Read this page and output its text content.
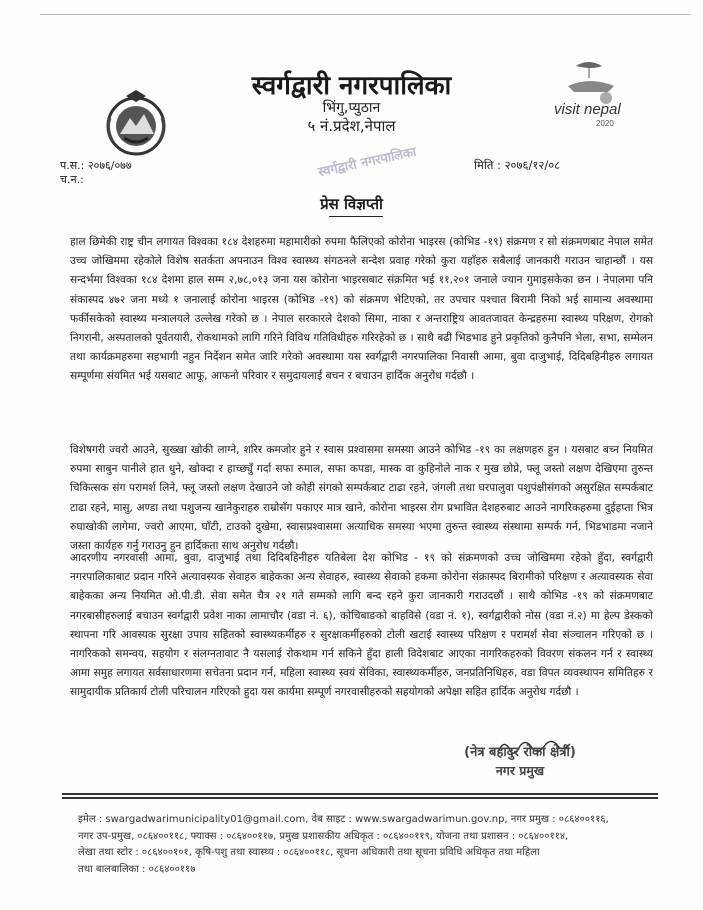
visit nepal
2020
स्वर्गद्वारी नगरपालिका
भिंगु,प्युठान
५ नं.प्रदेश,नेपाल
स्वर्गद्वारी नगरपालिका
प.स.: २०७६/०७७
च.न.:
मिति : २०७६/१२/०८
प्रेस विज्ञप्ती
हाल छिमेकी राष्ट्र चीन लगायत विश्वका १८४ देशहरुमा महामारीको रुपमा फैलिएको कोरोना भाइरस (कोभिड -१९) संक्रमण र सो संक्रमणबाट नेपाल समेत उच्च जोखिममा रहेकोले विशेष सतर्कता अपनाउन विश्व स्वास्थ्य संगठनले सन्देश प्रवाह गरेको कुरा यहाँहरु सबैलाई जानकारी गराउन चाहान्छौं । यस सन्दर्भमा विश्वका १८४ देशमा हाल सम्म २,७८,०१३ जना यस कोरोना भाइरसबाट संक्रमित भई ११,२०१ जनाले ज्यान गुमाइसकेका छन । नेपालमा पनि संकास्पद ४७२ जना मध्ये १ जनालाई कोरोना भाइरस (कोभिड -१९) को संक्रमण भेटिएको, तर उपचार पश्चात बिरामी निको भई सामान्य अवस्थामा फर्कीसकेको स्वास्थ्य मन्त्रालयले उल्लेख गरेको छ । नेपाल सरकारले देशको सिमा, नाका र अन्तराष्ट्रिय आवतजावत केन्द्रहरुमा स्वास्थ्य परिक्षण, रोगको निगरानी, अस्पतालको पूर्वतयारी, रोकथामको लागि गरिने विविध गतिविधीहरु गरिरहेको छ । साथै बढी भिडभाड हुने प्रकृतिको कुनैपनि भेला, सभा, सम्मेलन तथा कार्यक्रमहरुमा सहभागी नहुन निर्देशन समेत जारि गरेको अवस्थामा यस स्वर्गद्वारी नगरपालिका निवासी आमा, बुवा दाजुभाई, दिदिबहिनीहरु लगायत सम्पूर्णमा संयमित भई यसबाट आफू, आफनो परिवार र समुदायलाई बचन र बचाउन हार्दिक अनुरोध गर्दछौ ।
विशेषगरी ज्वरो आउने, सुख्खा खोकी लाग्ने, शरिर कमजोर हुने र स्वास प्रश्वासमा समस्या आउने कोभिड -१९ का लक्षणहरु हुन । यसबाट बच्न नियमित रुपमा साबुन पानीले हात धुने, खोक्दा र हाच्छ्युँ गर्दा सफा रुमाल, सफा कपडा, मास्क वा कुहिनोले नाक र मुख छोप्ने, फ्लू जस्तो लक्षण देखिएमा तुरुन्त चिकित्सक संग परामर्श लिने, फ्लू जस्तो लक्षण देखाउने जो कोही संगको सम्पर्कबाट टाढा रहने, जंगली तथा घरपालुवा पशुपंक्षीसंगको असुरक्षित सम्पर्कबाट टाढा रहने, मासु, अण्डा तथा पशुजन्य खानेकुराहरु राम्रोसँग पकाएर मात्र खाने, कोरोना भाइरस रोग प्रभावित देशहरुबाट आउने नागरिकहरुमा दुईहप्ता भित्र रुघाखोकी लागेमा, ज्वरो आएमा, घाँटी, टाउको दुखेमा, स्वासप्रश्वासमा अत्याधिक समस्या भएमा तुरुन्त स्वास्थ्य संस्थामा सम्पर्क गर्न, भिडभाडमा नजाने जस्ता कार्यहरु गर्नु गराउनु हुन हार्दिकता साथ अनुरोध गर्दछौ।
आदरणीय नगरवासी आमा, बुवा, दाजुभाई तथा दिदिबहिनीहरु यतिबेला देश कोभिड - १९ को संक्रमणको उच्च जोखिममा रहेको हुँदा, स्वर्गद्वारी नगरपालिकाबाट प्रदान गरिने अत्यावस्यक सेवाहरु बाहेकका अन्य सेवाहरु, स्वास्थ्य सेवाको हकमा कोरोना संक्रास्पद बिरामीको परिक्षण र अत्यावस्यक सेवा बाहेकका अन्य नियमित ओ.पी.डी. सेवा समेत चैत्र २१ गते सम्मको लागि बन्द रहने कुरा जानकारी गराउदछौं । साथै कोभिड -१९ को संक्रमणबाट नगरबासीहरुलाई बचाउन स्वर्गद्वारी प्रवेश नाका लामाचौर (वडा नं. ६), कोचिबाङको बाहविसे (वडा नं. १), स्वर्गद्वारीको नोस (वडा नं.२) मा हेल्प डेस्कको स्थापना गरि आवस्यक सुरक्षा उपाय सहितको स्वास्थ्यकर्मीहरु र सुरक्षाकर्मीहरुको टोली खटाई स्वास्थ्य परिक्षण र परामर्श सेवा संञ्चालन गरिएको छ । नागरिकको समन्वय, सहयोग र संलग्नतावाट नै यसलाई रोकथाम गर्न सकिने हुँदा हाली विदेशबाट आएका नागरिकहरुको विवरण संकलन गर्न र स्वास्थ्य आमा समुह लगायत सर्वसाधारणमा सचेतना प्रदान गर्न, महिला स्वास्थ्य स्वयं सेविका, स्वास्थ्यकर्मीहरु, जनप्रतिनिधिहरु, वडा विपत व्यवस्थापन समितिहरु र सामुदायीक प्रतिकार्य टोली परिचालन गरिएको हुदा यस कार्यमा सम्पूर्ण नगरवासीहरुको सहयोगको अपेक्षा सहित हार्दिक अनुरोध गर्दछौ ।
(नेत्र बहादुर रोका क्षेत्री)
नगर प्रमुख
इमेल : swargadwarimunicipality01@gmail.com, वेब साइट : www.swargadwarimun.gov.np, नगर प्रमुख : ०८६४००११६,
नगर उप-प्रमुख, ०८६४००११८, फ्याक्स : ०८६४००११७, प्रमुख प्रशासकीय अधिकृत : ०८६४००११९, योजना तथा प्रशासन : ०८६४००११४,
लेखा तथा स्टोर : ०८६४००१०१, कृषि-पशु तथा स्वास्थ्य : ०८६४००११८, सूचना अधिकारी तथा सूचना प्रविधि अधिकृत तथा महिला
तथा बालबालिका : ०८६४००११७
